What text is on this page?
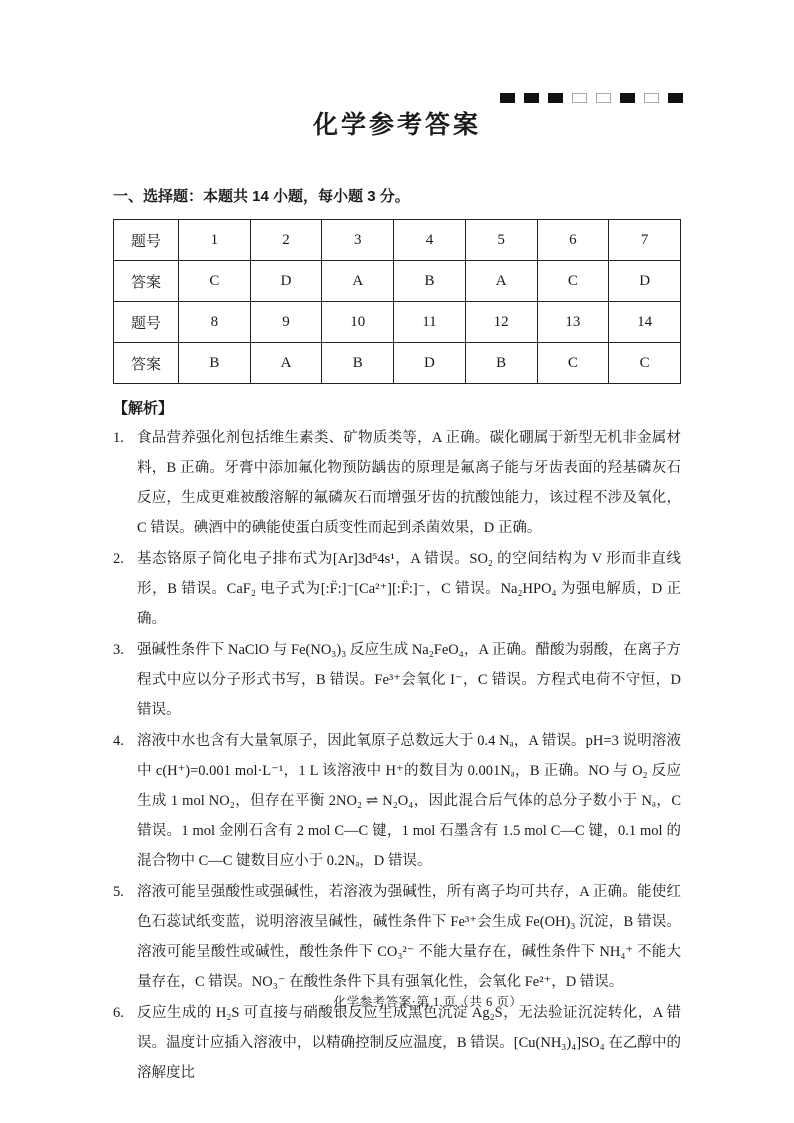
化学参考答案
一、选择题：本题共 14 小题，每小题 3 分。
题号	1	2	3	4	5	6	7
答案	C	D	A	B	A	C	D
题号	8	9	10	11	12	13	14
答案	B	A	B	D	B	C	C
【解析】
1. 食品营养强化剂包括维生素类、矿物质类等，A 正确。碳化硼属于新型无机非金属材料，B 正确。牙膏中添加氟化物预防龋齿的原理是氟离子能与牙齿表面的羟基磷灰石反应，生成更难被酸溶解的氟磷灰石而增强牙齿的抗酸蚀能力，该过程不涉及氧化，C 错误。碘酒中的碘能使蛋白质变性而起到杀菌效果，D 正确。
2. 基态铬原子简化电子排布式为[Ar]3d⁵4s¹，A 错误。SO₂ 的空间结构为 V 形而非直线形，B 错误。CaF₂ 电子式为[:F̈:]⁻[Ca²⁺][:F̈:]⁻，C 错误。Na₂HPO₄ 为强电解质，D 正确。
3. 强碱性条件下 NaClO 与 Fe(NO₃)₃ 反应生成 Na₂FeO₄，A 正确。醋酸为弱酸，在离子方程式中应以分子形式书写，B 错误。Fe³⁺会氧化 I⁻，C 错误。方程式电荷不守恒，D 错误。
4. 溶液中水也含有大量氧原子，因此氧原子总数远大于 0.4 Nₐ，A 错误。pH=3 说明溶液中 c(H⁺)=0.001 mol·L⁻¹，1 L 该溶液中 H⁺的数目为 0.001Nₐ，B 正确。NO 与 O₂ 反应生成 1 mol NO₂，但存在平衡 2NO₂ ⇌ N₂O₄，因此混合后气体的总分子数小于 Nₐ，C 错误。1 mol 金刚石含有 2 mol C—C 键，1 mol 石墨含有 1.5 mol C—C 键，0.1 mol 的混合物中 C—C 键数目应小于 0.2Nₐ，D 错误。
5. 溶液可能呈强酸性或强碱性，若溶液为强碱性，所有离子均可共存，A 正确。能使红色石蕊试纸变蓝，说明溶液呈碱性，碱性条件下 Fe³⁺会生成 Fe(OH)₃ 沉淀，B 错误。溶液可能呈酸性或碱性，酸性条件下 CO₃²⁻ 不能大量存在，碱性条件下 NH₄⁺ 不能大量存在，C 错误。NO₃⁻ 在酸性条件下具有强氧化性，会氧化 Fe²⁺，D 错误。
6. 反应生成的 H₂S 可直接与硝酸银反应生成黑色沉淀 Ag₂S，无法验证沉淀转化，A 错误。温度计应插入溶液中，以精确控制反应温度，B 错误。[Cu(NH₃)₄]SO₄ 在乙醇中的溶解度比
化学参考答案·第 1 页（共 6 页）
